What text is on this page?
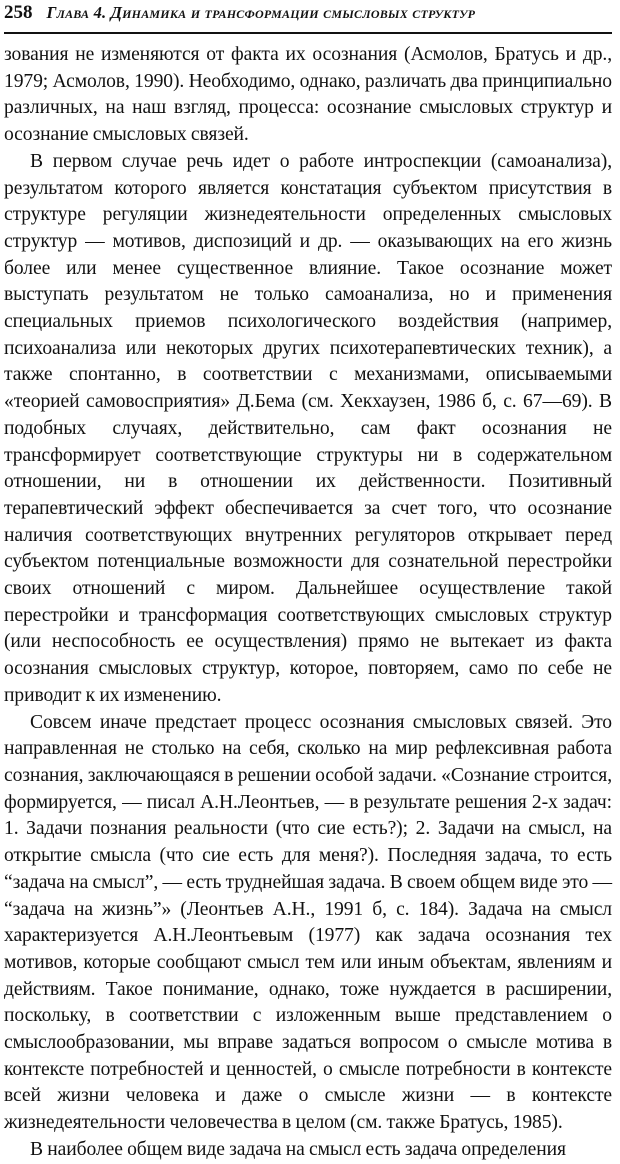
258 Глава 4. Динамика и трансформации смысловых структур

зования не изменяются от факта их осознания (Асмолов, Братусь и др., 1979; Асмолов, 1990). Необходимо, однако, различать два принципиально различных, на наш взгляд, процесса: осознание смысловых структур и осознание смысловых связей.

В первом случае речь идет о работе интроспекции (самоанализа), результатом которого является констатация субъектом присутствия в структуре регуляции жизнедеятельности определенных смысловых структур — мотивов, диспозиций и др. — оказывающих на его жизнь более или менее существенное влияние. Такое осознание может выступать результатом не только самоанализа, но и применения специальных приемов психологического воздействия (например, психоанализа или некоторых других психотерапевтических техник), а также спонтанно, в соответствии с механизмами, описываемыми «теорией самовосприятия» Д.Бема (см. Хекхаузен, 1986 б, с. 67—69). В подобных случаях, действительно, сам факт осознания не трансформирует соответствующие структуры ни в содержательном отношении, ни в отношении их действенности. Позитивный терапевтический эффект обеспечивается за счет того, что осознание наличия соответствующих внутренних регуляторов открывает перед субъектом потенциальные возможности для сознательной перестройки своих отношений с миром. Дальнейшее осуществление такой перестройки и трансформация соответствующих смысловых структур (или неспособность ее осуществления) прямо не вытекает из факта осознания смысловых структур, которое, повторяем, само по себе не приводит к их изменению.

Совсем иначе предстает процесс осознания смысловых связей. Это направленная не столько на себя, сколько на мир рефлексивная работа сознания, заключающаяся в решении особой задачи. «Сознание строится, формируется, — писал А.Н.Леонтьев, — в результате решения 2-х задач: 1. Задачи познания реальности (что сие есть?); 2. Задачи на смысл, на открытие смысла (что сие есть для меня?). Последняя задача, то есть “задача на смысл”, — есть труднейшая задача. В своем общем виде это — “задача на жизнь”» (Леонтьев А.Н., 1991 б, с. 184). Задача на смысл характеризуется А.Н.Леонтьевым (1977) как задача осознания тех мотивов, которые сообщают смысл тем или иным объектам, явлениям и действиям. Такое понимание, однако, тоже нуждается в расширении, поскольку, в соответствии с изложенным выше представлением о смыслообразовании, мы вправе задаться вопросом о смысле мотива в контексте потребностей и ценностей, о смысле потребности в контексте всей жизни человека и даже о смысле жизни — в контексте жизнедеятельности человечества в целом (см. также Братусь, 1985).

В наиболее общем виде задача на смысл есть задача определения
